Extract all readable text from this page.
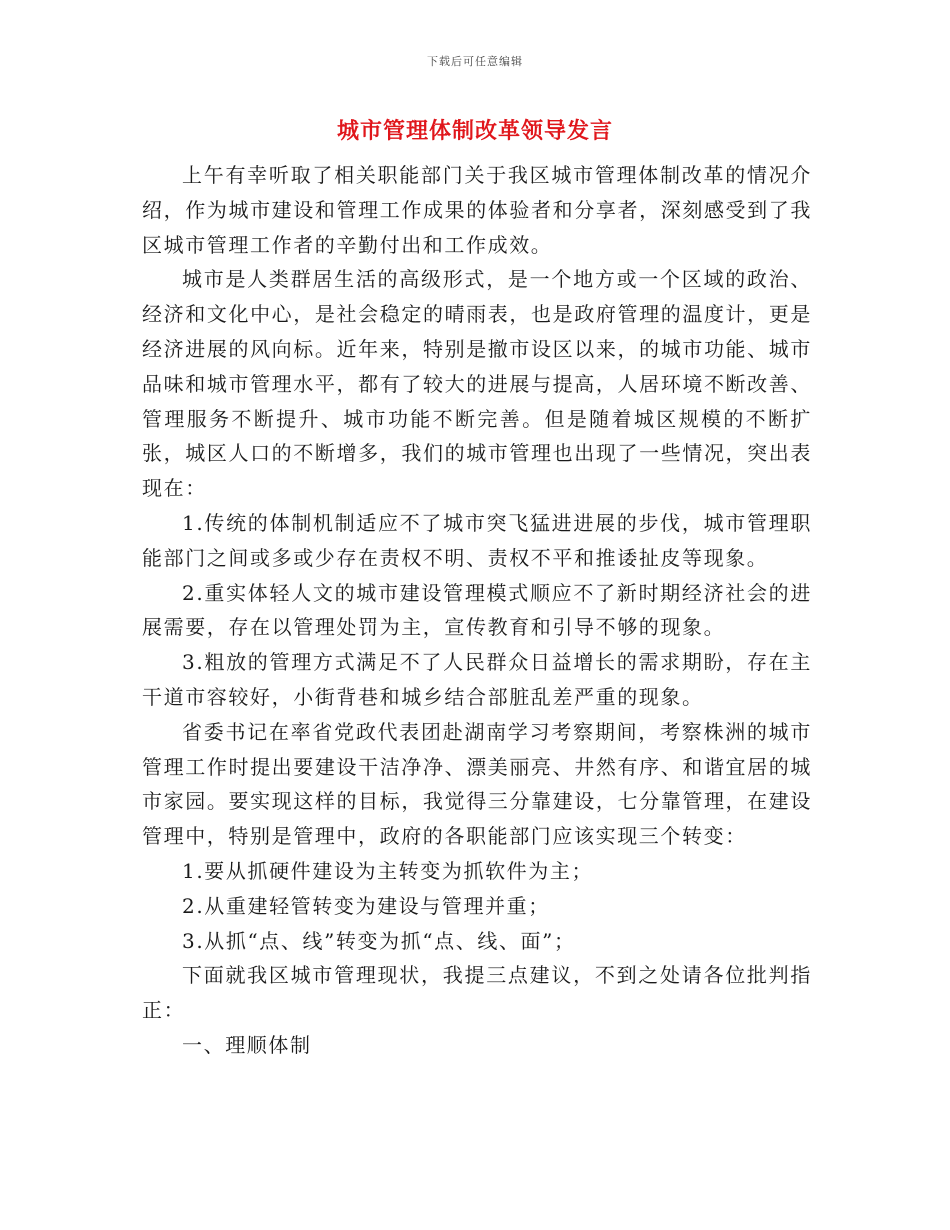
下载后可任意编辑
城市管理体制改革领导发言

上午有幸听取了相关职能部门关于我区城市管理体制改革的情况介绍，作为城市建设和管理工作成果的体验者和分享者，深刻感受到了我区城市管理工作者的辛勤付出和工作成效。

城市是人类群居生活的高级形式，是一个地方或一个区域的政治、经济和文化中心，是社会稳定的晴雨表，也是政府管理的温度计，更是经济进展的风向标。近年来，特别是撤市设区以来，的城市功能、城市品味和城市管理水平，都有了较大的进展与提高，人居环境不断改善、管理服务不断提升、城市功能不断完善。但是随着城区规模的不断扩张，城区人口的不断增多，我们的城市管理也出现了一些情况，突出表现在：

1.传统的体制机制适应不了城市突飞猛进进展的步伐，城市管理职能部门之间或多或少存在责权不明、责权不平和推诿扯皮等现象。

2.重实体轻人文的城市建设管理模式顺应不了新时期经济社会的进展需要，存在以管理处罚为主，宣传教育和引导不够的现象。

3.粗放的管理方式满足不了人民群众日益增长的需求期盼，存在主干道市容较好，小街背巷和城乡结合部脏乱差严重的现象。

省委书记在率省党政代表团赴湖南学习考察期间，考察株洲的城市管理工作时提出要建设干洁净净、漂美丽亮、井然有序、和谐宜居的城市家园。要实现这样的目标，我觉得三分靠建设，七分靠管理，在建设管理中，特别是管理中，政府的各职能部门应该实现三个转变：

1.要从抓硬件建设为主转变为抓软件为主；

2.从重建轻管转变为建设与管理并重；

3.从抓“点、线”转变为抓“点、线、面”；

下面就我区城市管理现状，我提三点建议，不到之处请各位批判指正：

一、理顺体制
